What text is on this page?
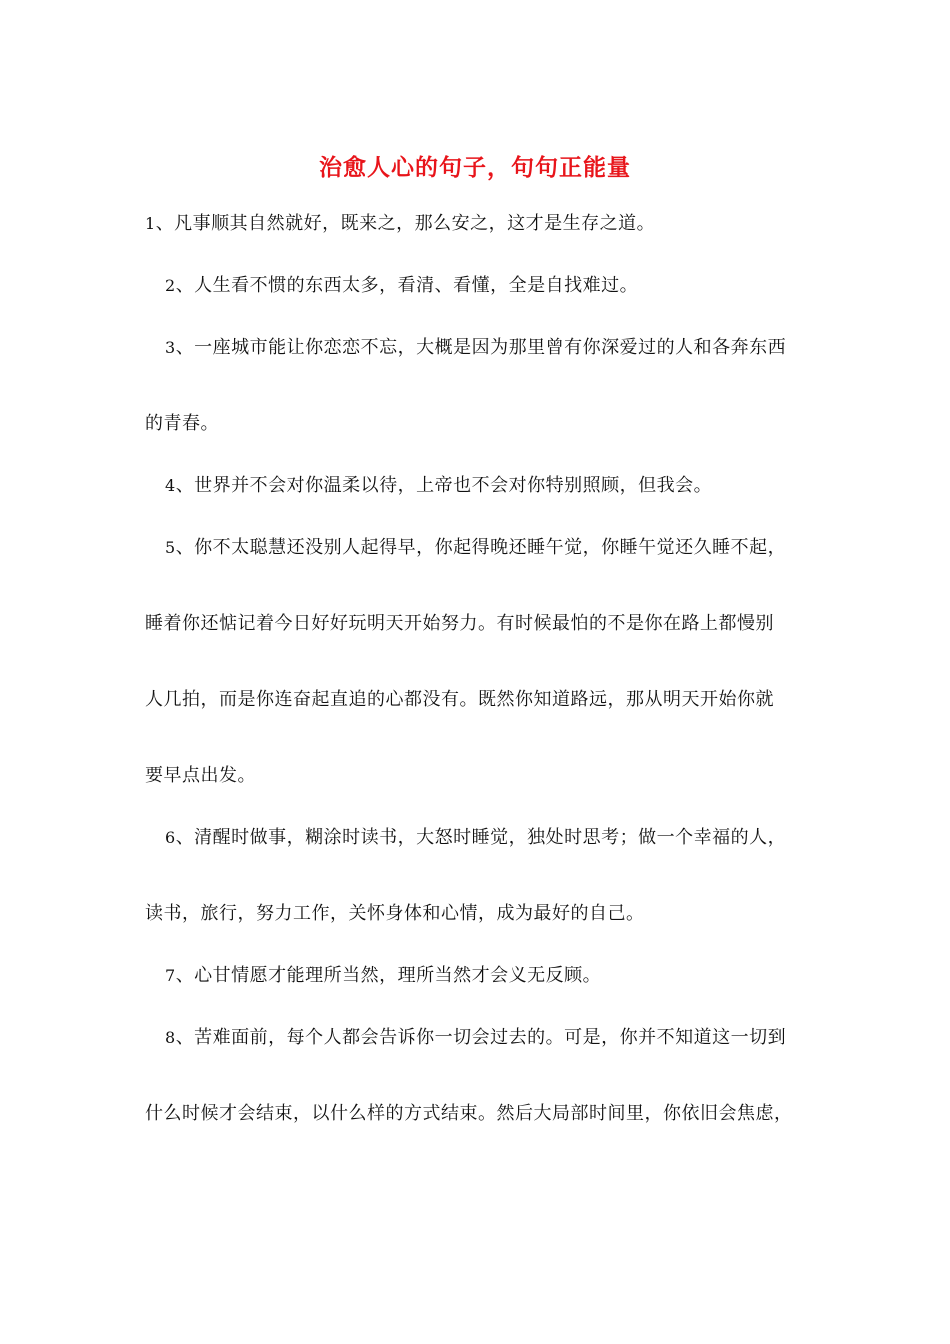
治愈人心的句子，句句正能量

1、凡事顺其自然就好，既来之，那么安之，这才是生存之道。

2、人生看不惯的东西太多，看清、看懂，全是自找难过。

3、一座城市能让你恋恋不忘，大概是因为那里曾有你深爱过的人和各奔东西
的青春。

4、世界并不会对你温柔以待，上帝也不会对你特别照顾，但我会。

5、你不太聪慧还没别人起得早，你起得晚还睡午觉，你睡午觉还久睡不起，
睡着你还惦记着今日好好玩明天开始努力。有时候最怕的不是你在路上都慢别
人几拍，而是你连奋起直追的心都没有。既然你知道路远，那从明天开始你就
要早点出发。

6、清醒时做事，糊涂时读书，大怒时睡觉，独处时思考；做一个幸福的人，
读书，旅行，努力工作，关怀身体和心情，成为最好的自己。

7、心甘情愿才能理所当然，理所当然才会义无反顾。

8、苦难面前，每个人都会告诉你一切会过去的。可是，你并不知道这一切到
什么时候才会结束，以什么样的方式结束。然后大局部时间里，你依旧会焦虑，
